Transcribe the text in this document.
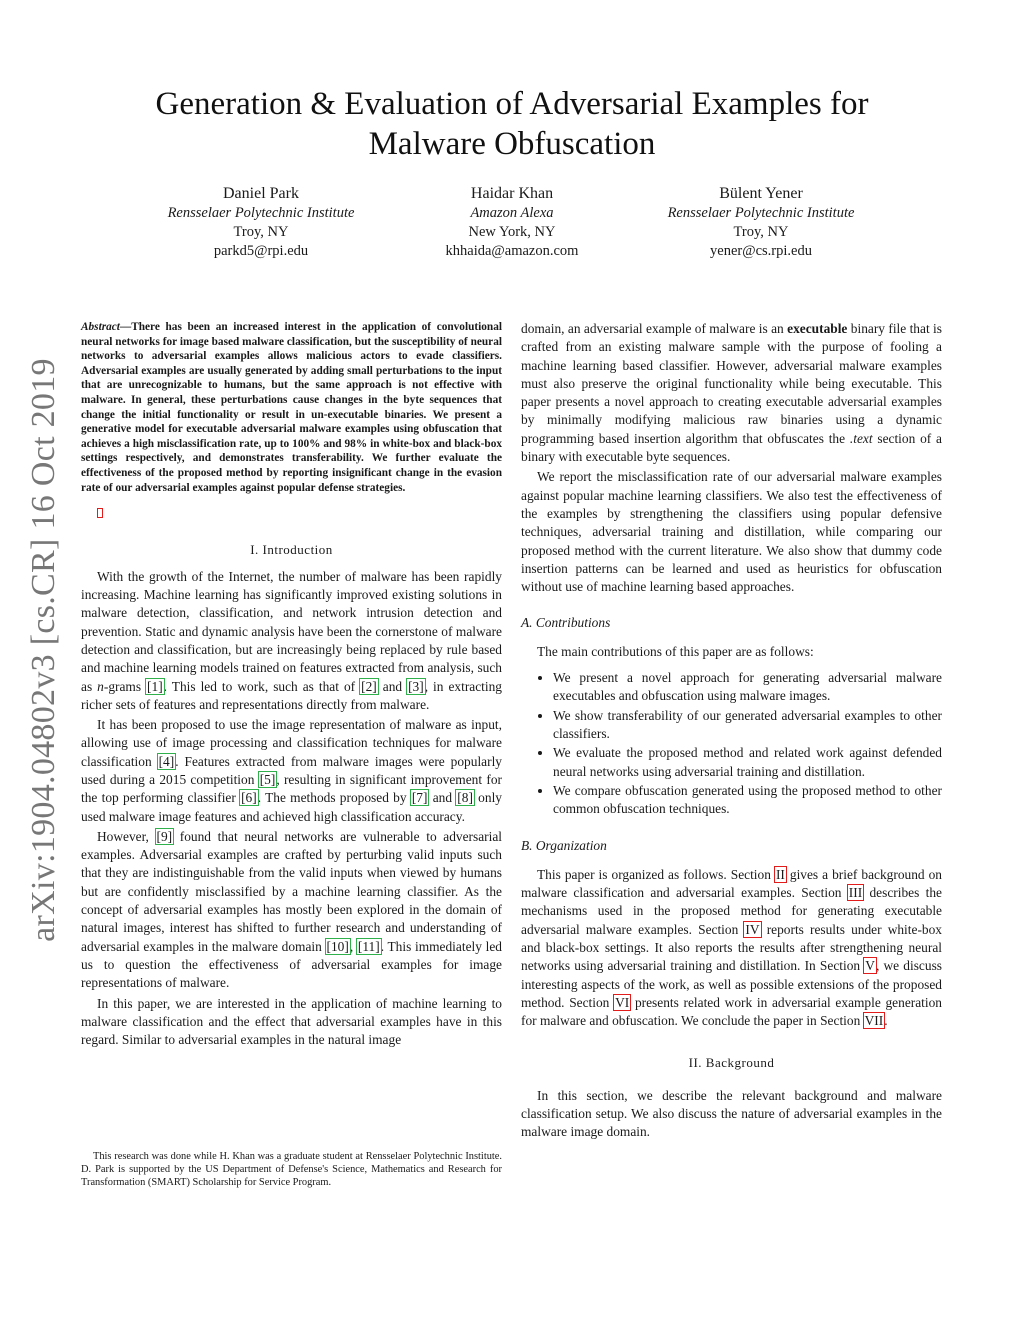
arXiv:1904.04802v3 [cs.CR] 16 Oct 2019
Generation & Evaluation of Adversarial Examples for Malware Obfuscation
Daniel Park
Rensselaer Polytechnic Institute
Troy, NY
parkd5@rpi.edu
Haidar Khan
Amazon Alexa
New York, NY
khhaida@amazon.com
Bülent Yener
Rensselaer Polytechnic Institute
Troy, NY
yener@cs.rpi.edu
Abstract—There has been an increased interest in the application of convolutional neural networks for image based malware classification, but the susceptibility of neural networks to adversarial examples allows malicious actors to evade classifiers. Adversarial examples are usually generated by adding small perturbations to the input that are unrecognizable to humans, but the same approach is not effective with malware. In general, these perturbations cause changes in the byte sequences that change the initial functionality or result in un-executable binaries. We present a generative model for executable adversarial malware examples using obfuscation that achieves a high misclassification rate, up to 100% and 98% in white-box and black-box settings respectively, and demonstrates transferability. We further evaluate the effectiveness of the proposed method by reporting insignificant change in the evasion rate of our adversarial examples against popular defense strategies.

I. Introduction

With the growth of the Internet, the number of malware has been rapidly increasing. Machine learning has significantly improved existing solutions in malware detection, classification, and network intrusion detection and prevention. Static and dynamic analysis have been the cornerstone of malware detection and classification, but are increasingly being replaced by rule based and machine learning models trained on features extracted from analysis, such as n-grams [1]. This led to work, such as that of [2] and [3], in extracting richer sets of features and representations directly from malware.

It has been proposed to use the image representation of malware as input, allowing use of image processing and classification techniques for malware classification [4]. Features extracted from malware images were popularly used during a 2015 competition [5], resulting in significant improvement for the top performing classifier [6]. The methods proposed by [7] and [8] only used malware image features and achieved high classification accuracy.

However, [9] found that neural networks are vulnerable to adversarial examples. Adversarial examples are crafted by perturbing valid inputs such that they are indistinguishable from the valid inputs when viewed by humans but are confidently misclassified by a machine learning classifier. As the concept of adversarial examples has mostly been explored in the domain of natural images, interest has shifted to further research and understanding of adversarial examples in the malware domain [10], [11]. This immediately led us to question the effectiveness of adversarial examples for image representations of malware.

In this paper, we are interested in the application of machine learning to malware classification and the effect that adversarial examples have in this regard. Similar to adversarial examples in the natural image

This research was done while H. Khan was a graduate student at Rensselaer Polytechnic Institute. D. Park is supported by the US Department of Defense's Science, Mathematics and Research for Transformation (SMART) Scholarship for Service Program.

domain, an adversarial example of malware is an executable binary file that is crafted from an existing malware sample with the purpose of fooling a machine learning based classifier. However, adversarial malware examples must also preserve the original functionality while being executable. This paper presents a novel approach to creating executable adversarial examples by minimally modifying malicious raw binaries using a dynamic programming based insertion algorithm that obfuscates the .text section of a binary with executable byte sequences.

We report the misclassification rate of our adversarial malware examples against popular machine learning classifiers. We also test the effectiveness of the examples by strengthening the classifiers using popular defensive techniques, adversarial training and distillation, while comparing our proposed method with the current literature. We also show that dummy code insertion patterns can be learned and used as heuristics for obfuscation without use of machine learning based approaches.

A. Contributions

The main contributions of this paper are as follows:

• We present a novel approach for generating adversarial malware executables and obfuscation using malware images.
• We show transferability of our generated adversarial examples to other classifiers.
• We evaluate the proposed method and related work against defended neural networks using adversarial training and distillation.
• We compare obfuscation generated using the proposed method to other common obfuscation techniques.

B. Organization

This paper is organized as follows. Section II gives a brief background on malware classification and adversarial examples. Section III describes the mechanisms used in the proposed method for generating executable adversarial malware examples. Section IV reports results under white-box and black-box settings. It also reports the results after strengthening neural networks using adversarial training and distillation. In Section V, we discuss interesting aspects of the work, as well as possible extensions of the proposed method. Section VI presents related work in adversarial example generation for malware and obfuscation. We conclude the paper in Section VII.

II. Background

In this section, we describe the relevant background and malware classification setup. We also discuss the nature of adversarial examples in the malware image domain.
